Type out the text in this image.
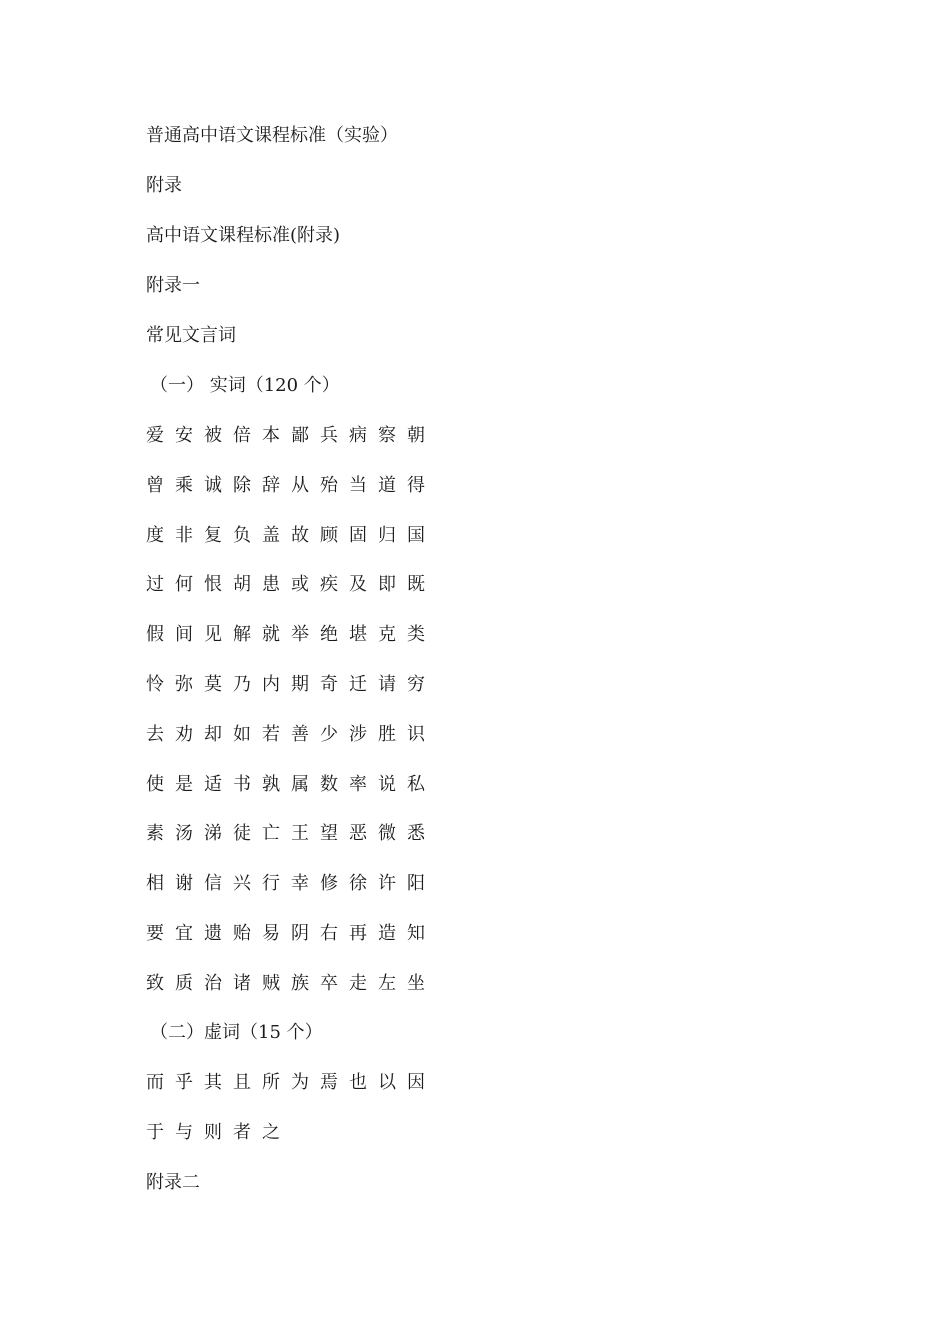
普通高中语文课程标准（实验）
附录
高中语文课程标准(附录)
附录一
常见文言词
（一） 实词（120 个）
爱 安 被 倍 本 鄙 兵 病 察 朝
曾 乘 诚 除 辞 从 殆 当 道 得
度 非 复 负 盖 故 顾 固 归 国
过 何 恨 胡 患 或 疾 及 即 既
假 间 见 解 就 举 绝 堪 克 类
怜 弥 莫 乃 内 期 奇 迁 请 穷
去 劝 却 如 若 善 少 涉 胜 识
使 是 适 书 孰 属 数 率 说 私
素 汤 涕 徒 亡 王 望 恶 微 悉
相 谢 信 兴 行 幸 修 徐 许 阳
要 宜 遗 贻 易 阴 右 再 造 知
致 质 治 诸 贼 族 卒 走 左 坐
（二）虚词（15 个）
而 乎 其 且 所 为 焉 也 以 因
于 与 则 者 之
附录二
